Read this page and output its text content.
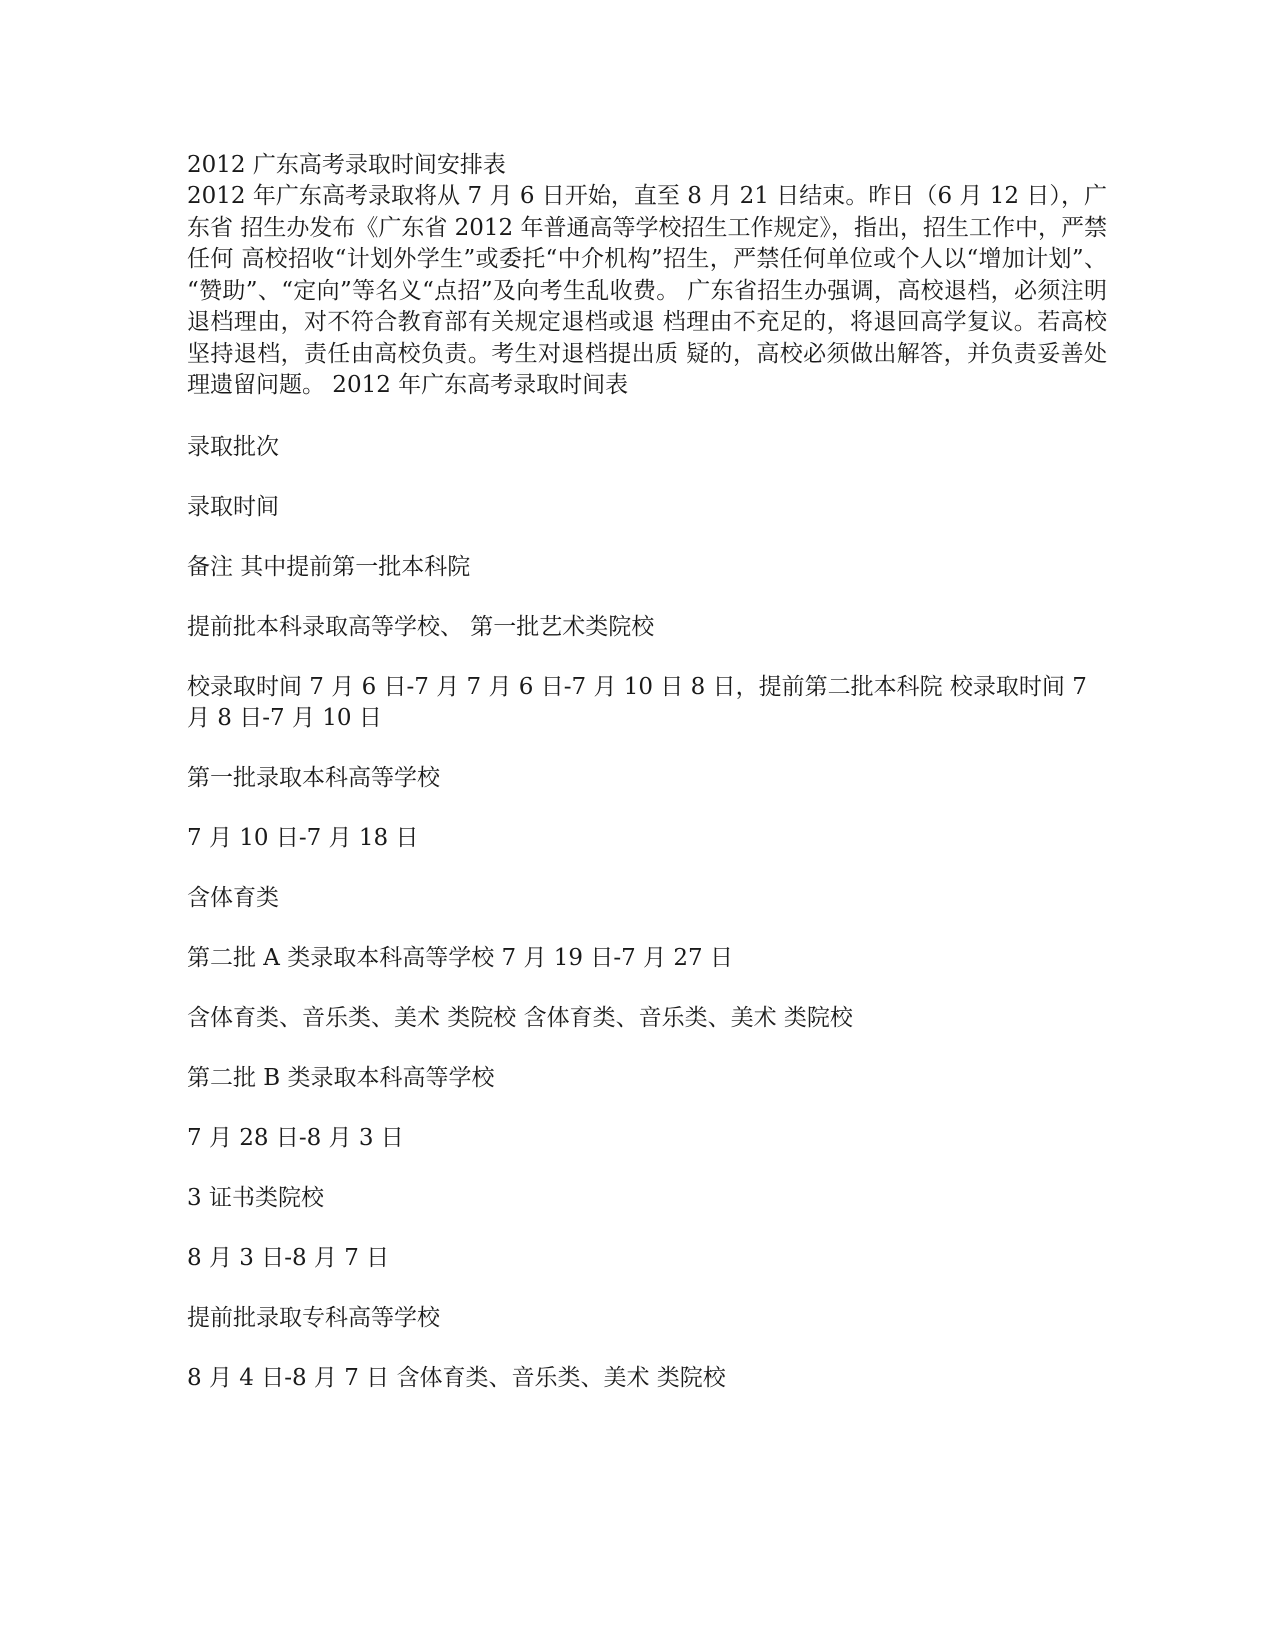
2012 广东高考录取时间安排表

2012 年广东高考录取将从 7 月 6 日开始，直至 8 月 21 日结束。昨日（6 月 12 日），广东省 招生办发布《广东省 2012 年普通高等学校招生工作规定》，指出，招生工作中，严禁任何 高校招收“计划外学生”或委托“中介机构”招生，严禁任何单位或个人以“增加计划”、 “赞助”、“定向”等名义“点招”及向考生乱收费。 广东省招生办强调，高校退档，必须注明退档理由，对不符合教育部有关规定退档或退 档理由不充足的，将退回高学复议。若高校坚持退档，责任由高校负责。考生对退档提出质 疑的，高校必须做出解答，并负责妥善处理遗留问题。 2012 年广东高考录取时间表

录取批次

录取时间

备注 其中提前第一批本科院

提前批本科录取高等学校、 第一批艺术类院校

校录取时间 7 月 6 日-7 月 7 月 6 日-7 月 10 日 8 日，提前第二批本科院 校录取时间 7 月 8 日-7 月 10 日

第一批录取本科高等学校

7 月 10 日-7 月 18 日

含体育类

第二批 A 类录取本科高等学校 7 月 19 日-7 月 27 日

含体育类、音乐类、美术 类院校 含体育类、音乐类、美术 类院校

第二批 B 类录取本科高等学校

7 月 28 日-8 月 3 日

3 证书类院校

8 月 3 日-8 月 7 日

提前批录取专科高等学校

8 月 4 日-8 月 7 日 含体育类、音乐类、美术 类院校
